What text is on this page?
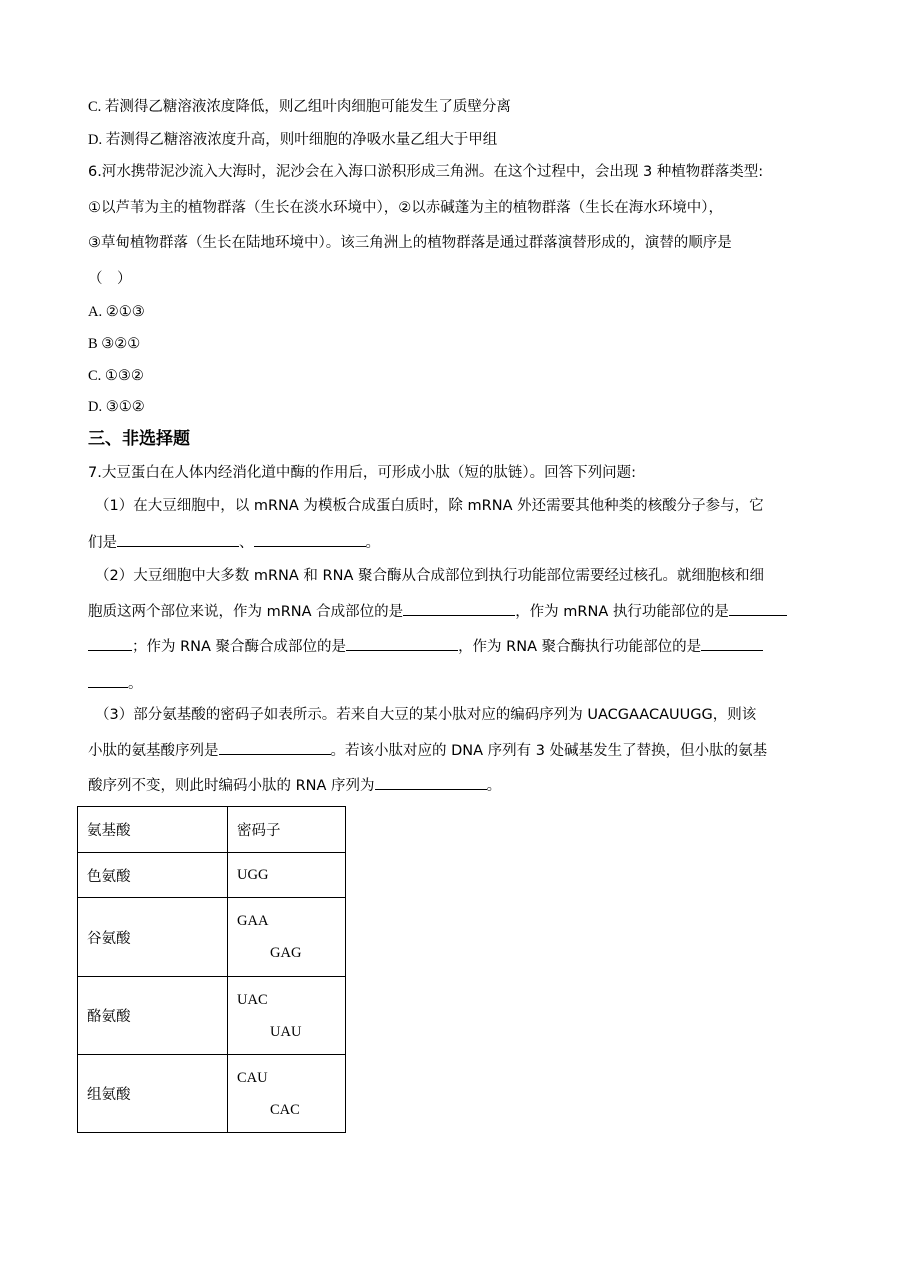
C. 若测得乙糖溶液浓度降低，则乙组叶肉细胞可能发生了质壁分离
D. 若测得乙糖溶液浓度升高，则叶细胞的净吸水量乙组大于甲组
6.河水携带泥沙流入大海时，泥沙会在入海口淤积形成三角洲。在这个过程中，会出现 3 种植物群落类型:
①以芦苇为主的植物群落（生长在淡水环境中），②以赤碱蓬为主的植物群落（生长在海水环境中），
③草甸植物群落（生长在陆地环境中）。该三角洲上的植物群落是通过群落演替形成的，演替的顺序是
（　）
A. ②①③
B ③②①
C. ①③②
D. ③①②
三、非选择题
7.大豆蛋白在人体内经消化道中酶的作用后，可形成小肽（短的肽链）。回答下列问题:
（1）在大豆细胞中，以 mRNA 为模板合成蛋白质时，除 mRNA 外还需要其他种类的核酸分子参与，它
们是	、	。
（2）大豆细胞中大多数 mRNA 和 RNA 聚合酶从合成部位到执行功能部位需要经过核孔。就细胞核和细
胞质这两个部位来说，作为 mRNA 合成部位的是	，作为 mRNA 执行功能部位的是
；作为 RNA 聚合酶合成部位的是	，作为 RNA 聚合酶执行功能部位的是
。
（3）部分氨基酸的密码子如表所示。若来自大豆的某小肽对应的编码序列为 UACGAACAUUGG，则该
小肽的氨基酸序列是	。若该小肽对应的 DNA 序列有 3 处碱基发生了替换，但小肽的氨基
酸序列不变，则此时编码小肽的 RNA 序列为	。
氨基酸	密码子
色氨酸	UGG

谷氨酸	GAA
GAG

酪氨酸	UAC
UAU

组氨酸	CAU
CAC
